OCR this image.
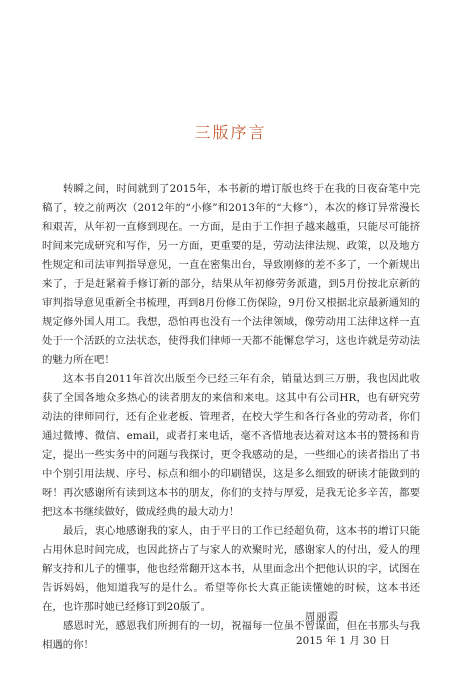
三版序言

转瞬之间，时间就到了2015年，本书新的增订版也终于在我的日夜奋笔中完稿了，较之前两次（2012年的“小修”和2013年的“大修”），本次的修订异常漫长和艰苦，从年初一直修到现在。一方面，是由于工作担子越来越重，只能尽可能挤时间来完成研究和写作，另一方面，更重要的是，劳动法律法规、政策，以及地方性规定和司法审判指导意见，一直在密集出台，导致刚修的差不多了，一个新规出来了，于是赶紧着手修订新的部分，结果从年初修劳务派遣，到5月份按北京新的审判指导意见重新全书梳理，再到8月份修工伤保险，9月份又根据北京最新通知的规定修外国人用工。我想，恐怕再也没有一个法律领域，像劳动用工法律这样一直处于一个活跃的立法状态，使得我们律师一天都不能懈怠学习，这也许就是劳动法的魅力所在吧！

这本书自2011年首次出版至今已经三年有余，销量达到三万册，我也因此收获了全国各地众多热心的读者朋友的来信和来电。这其中有公司HR，也有研究劳动法的律师同行，还有企业老板、管理者，在校大学生和各行各业的劳动者，你们通过微博、微信、email，或者打来电话，毫不吝惜地表达着对这本书的赞扬和肯定，提出一些实务中的问题与我探讨，更令我感动的是，一些细心的读者指出了书中个别引用法规、序号、标点和细小的印刷错误，这是多么细致的研读才能做到的呀！再次感谢所有读到这本书的朋友，你们的支持与厚爱，是我无论多辛苦，都要把这本书继续做好，做成经典的最大动力！

最后，衷心地感谢我的家人，由于平日的工作已经超负荷，这本书的增订只能占用休息时间完成，也因此挤占了与家人的欢聚时光，感谢家人的付出，爱人的理解支持和儿子的懂事，他也经常翻开这本书，从里面念出个把他认识的字，试图在告诉妈妈，他知道我写的是什么。希望等你长大真正能读懂她的时候，这本书还在，也许那时她已经修订到20版了。

感恩时光，感恩我们所拥有的一切，祝福每一位虽不曾谋面，但在书那头与我相遇的你！

周丽霞
2015 年 1 月 30 日
